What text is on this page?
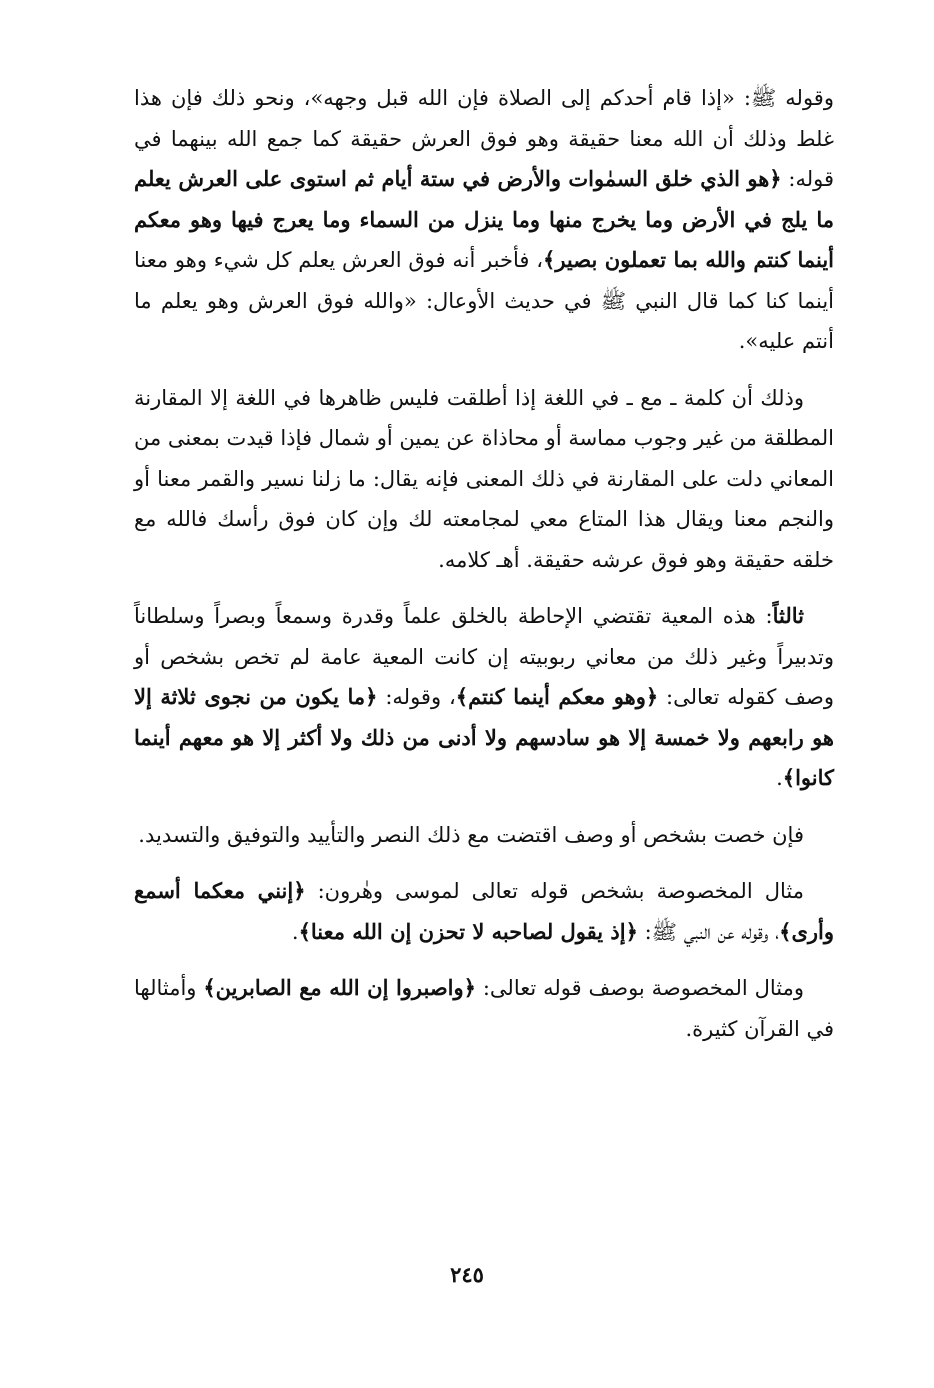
وقوله ﷺ: «إذا قام أحدكم إلى الصلاة فإن الله قبل وجهه»، ونحو ذلك فإن هذا غلط وذلك أن الله معنا حقيقة وهو فوق العرش حقيقة كما جمع الله بينهما في قوله: ﴿هو الذي خلق السمٰوات والأرض في ستة أيام ثم استوى على العرش يعلم ما يلج في الأرض وما يخرج منها وما ينزل من السماء وما يعرج فيها وهو معكم أينما كنتم والله بما تعملون بصير﴾، فأخبر أنه فوق العرش يعلم كل شيء وهو معنا أينما كنا كما قال النبي ﷺ في حديث الأوعال: «والله فوق العرش وهو يعلم ما أنتم عليه».

وذلك أن كلمة ـ مع ـ في اللغة إذا أطلقت فليس ظاهرها في اللغة إلا المقارنة المطلقة من غير وجوب مماسة أو محاذاة عن يمين أو شمال فإذا قيدت بمعنى من المعاني دلت على المقارنة في ذلك المعنى فإنه يقال: ما زلنا نسير والقمر معنا أو والنجم معنا ويقال هذا المتاع معي لمجامعته لك وإن كان فوق رأسك فالله مع خلقه حقيقة وهو فوق عرشه حقيقة. أهـ كلامه.

ثالثاً: هذه المعية تقتضي الإحاطة بالخلق علماً وقدرة وسمعاً وبصراً وسلطاناً وتدبيراً وغير ذلك من معاني ربوبيته إن كانت المعية عامة لم تخص بشخص أو وصف كقوله تعالى: ﴿وهو معكم أينما كنتم﴾، وقوله: ﴿ما يكون من نجوى ثلاثة إلا هو رابعهم ولا خمسة إلا هو سادسهم ولا أدنى من ذلك ولا أكثر إلا هو معهم أينما كانوا﴾.

فإن خصت بشخص أو وصف اقتضت مع ذلك النصر والتأييد والتوفيق والتسديد.

مثال المخصوصة بشخص قوله تعالى لموسى وهٰرون: ﴿إنني معكما أسمع وأرى﴾، وقوله عن النبي ﷺ: ﴿إذ يقول لصاحبه لا تحزن إن الله معنا﴾.

ومثال المخصوصة بوصف قوله تعالى: ﴿واصبروا إن الله مع الصابرين﴾ وأمثالها في القرآن كثيرة.

٢٤٥
